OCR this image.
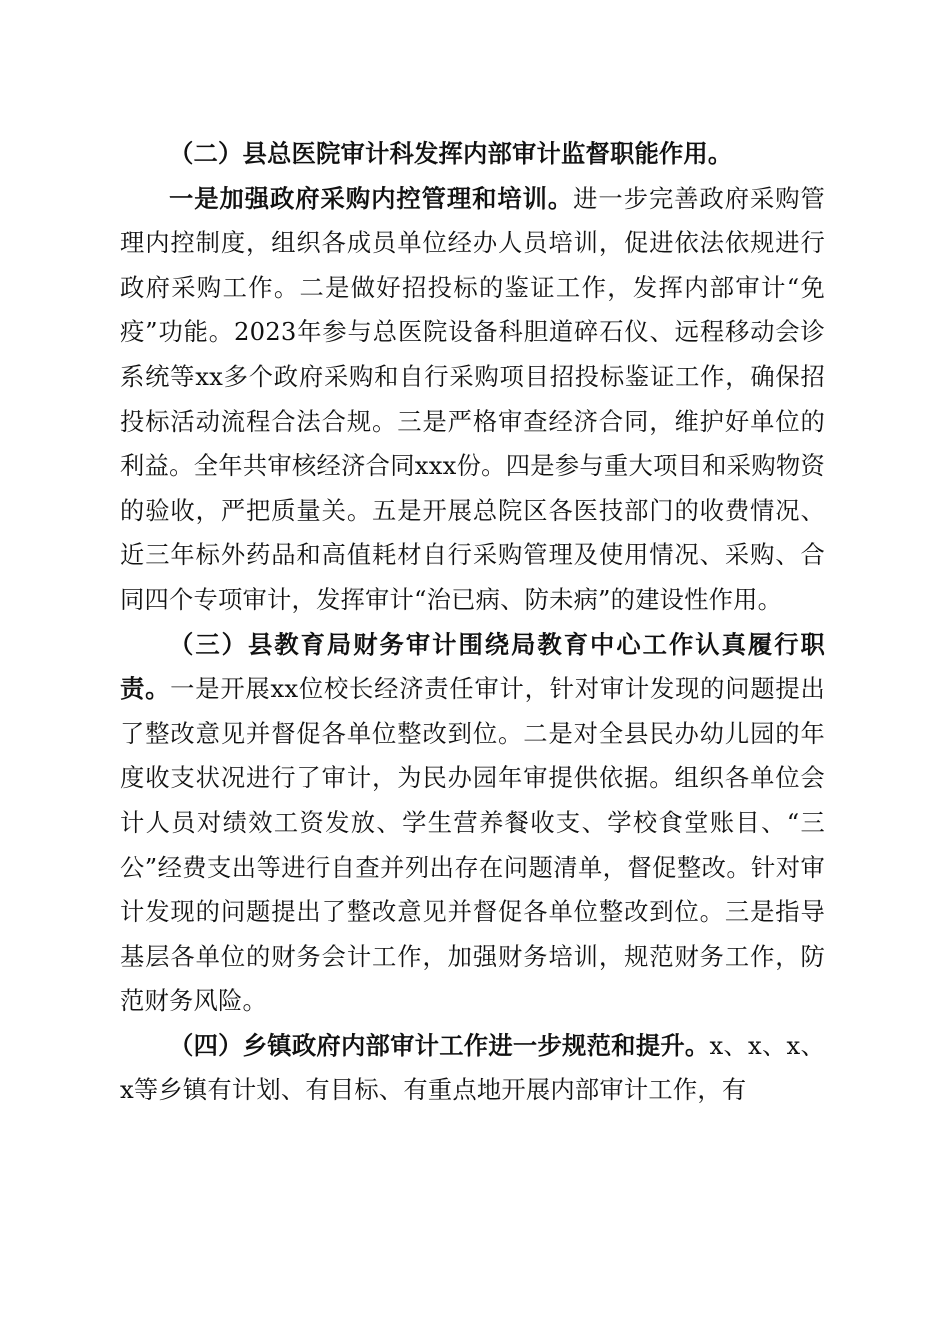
（二）县总医院审计科发挥内部审计监督职能作用。

一是加强政府采购内控管理和培训。进一步完善政府采购管理内控制度，组织各成员单位经办人员培训，促进依法依规进行政府采购工作。二是做好招投标的鉴证工作，发挥内部审计“免疫”功能。2023年参与总医院设备科胆道碎石仪、远程移动会诊系统等xx多个政府采购和自行采购项目招投标鉴证工作，确保招投标活动流程合法合规。三是严格审查经济合同，维护好单位的利益。全年共审核经济合同xxx份。四是参与重大项目和采购物资的验收，严把质量关。五是开展总院区各医技部门的收费情况、近三年标外药品和高值耗材自行采购管理及使用情况、采购、合同四个专项审计，发挥审计“治已病、防未病”的建设性作用。

（三）县教育局财务审计围绕局教育中心工作认真履行职责。一是开展xx位校长经济责任审计，针对审计发现的问题提出了整改意见并督促各单位整改到位。二是对全县民办幼儿园的年度收支状况进行了审计，为民办园年审提供依据。组织各单位会计人员对绩效工资发放、学生营养餐收支、学校食堂账目、“三公”经费支出等进行自查并列出存在问题清单，督促整改。针对审计发现的问题提出了整改意见并督促各单位整改到位。三是指导基层各单位的财务会计工作，加强财务培训，规范财务工作，防范财务风险。

（四）乡镇政府内部审计工作进一步规范和提升。x、x、x、x等乡镇有计划、有目标、有重点地开展内部审计工作，有
